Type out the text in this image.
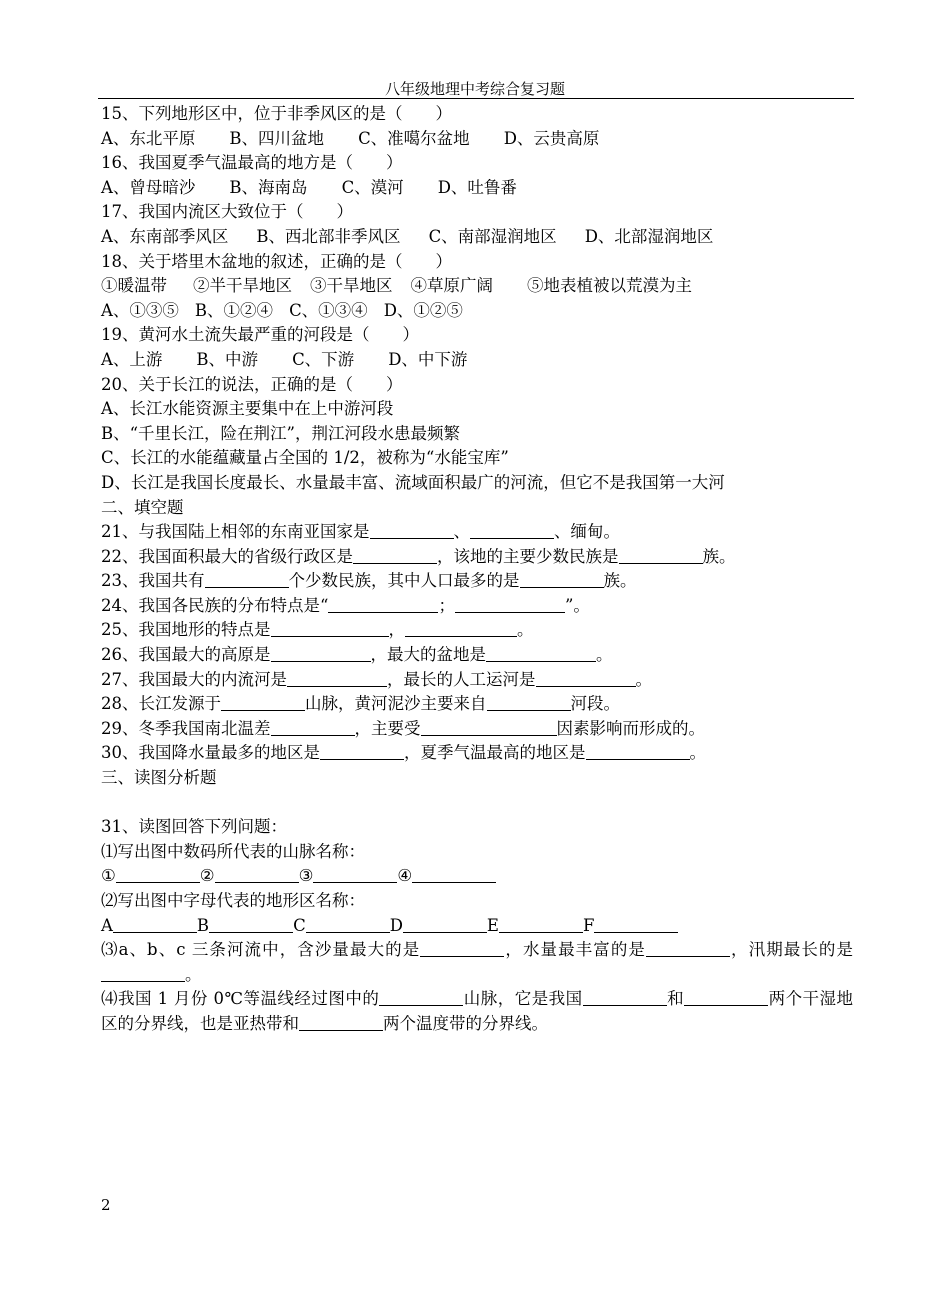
八年级地理中考综合复习题
15、下列地形区中，位于非季风区的是（　　）
A、东北平原 B、四川盆地 C、准噶尔盆地 D、云贵高原
16、我国夏季气温最高的地方是（　　）
A、曾母暗沙 B、海南岛 C、漠河 D、吐鲁番
17、我国内流区大致位于（　　）
A、东南部季风区 B、西北部非季风区 C、南部湿润地区 D、北部湿润地区
18、关于塔里木盆地的叙述，正确的是（　　）
①暖温带 ②半干旱地区 ③干旱地区 ④草原广阔 ⑤地表植被以荒漠为主
A、①③⑤ B、①②④ C、①③④ D、①②⑤
19、黄河水土流失最严重的河段是（　　）
A、上游 B、中游 C、下游 D、中下游
20、关于长江的说法，正确的是（　　）
A、长江水能资源主要集中在上中游河段
B、“千里长江，险在荆江”，荆江河段水患最频繁
C、长江的水能蕴藏量占全国的 1/2，被称为“水能宝库”
D、长江是我国长度最长、水量最丰富、流域面积最广的河流，但它不是我国第一大河
二、填空题
21、与我国陆上相邻的东南亚国家是	、	、缅甸。
22、我国面积最大的省级行政区是	，该地的主要少数民族是	族。
23、我国共有	个少数民族，其中人口最多的是	族。
24、我国各民族的分布特点是“	；	”。
25、我国地形的特点是	，	。
26、我国最大的高原是	，最大的盆地是	。
27、我国最大的内流河是	，最长的人工运河是	。
28、长江发源于	山脉，黄河泥沙主要来自	河段。
29、冬季我国南北温差	，主要受	因素影响而形成的。
30、我国降水量最多的地区是	，夏季气温最高的地区是	。
三、读图分析题
31、读图回答下列问题：
⑴写出图中数码所代表的山脉名称：
①	②	③	④
⑵写出图中字母代表的地形区名称：
A	B	C	D	E	F
⑶a、b、c 三条河流中，含沙量最大的是	，水量最丰富的是	，汛期最长的是。
⑷我国 1 月份 0℃等温线经过图中的	山脉，它是我国	和	两个干湿地区的分界线，也是亚热带和	两个温度带的分界线。
2
